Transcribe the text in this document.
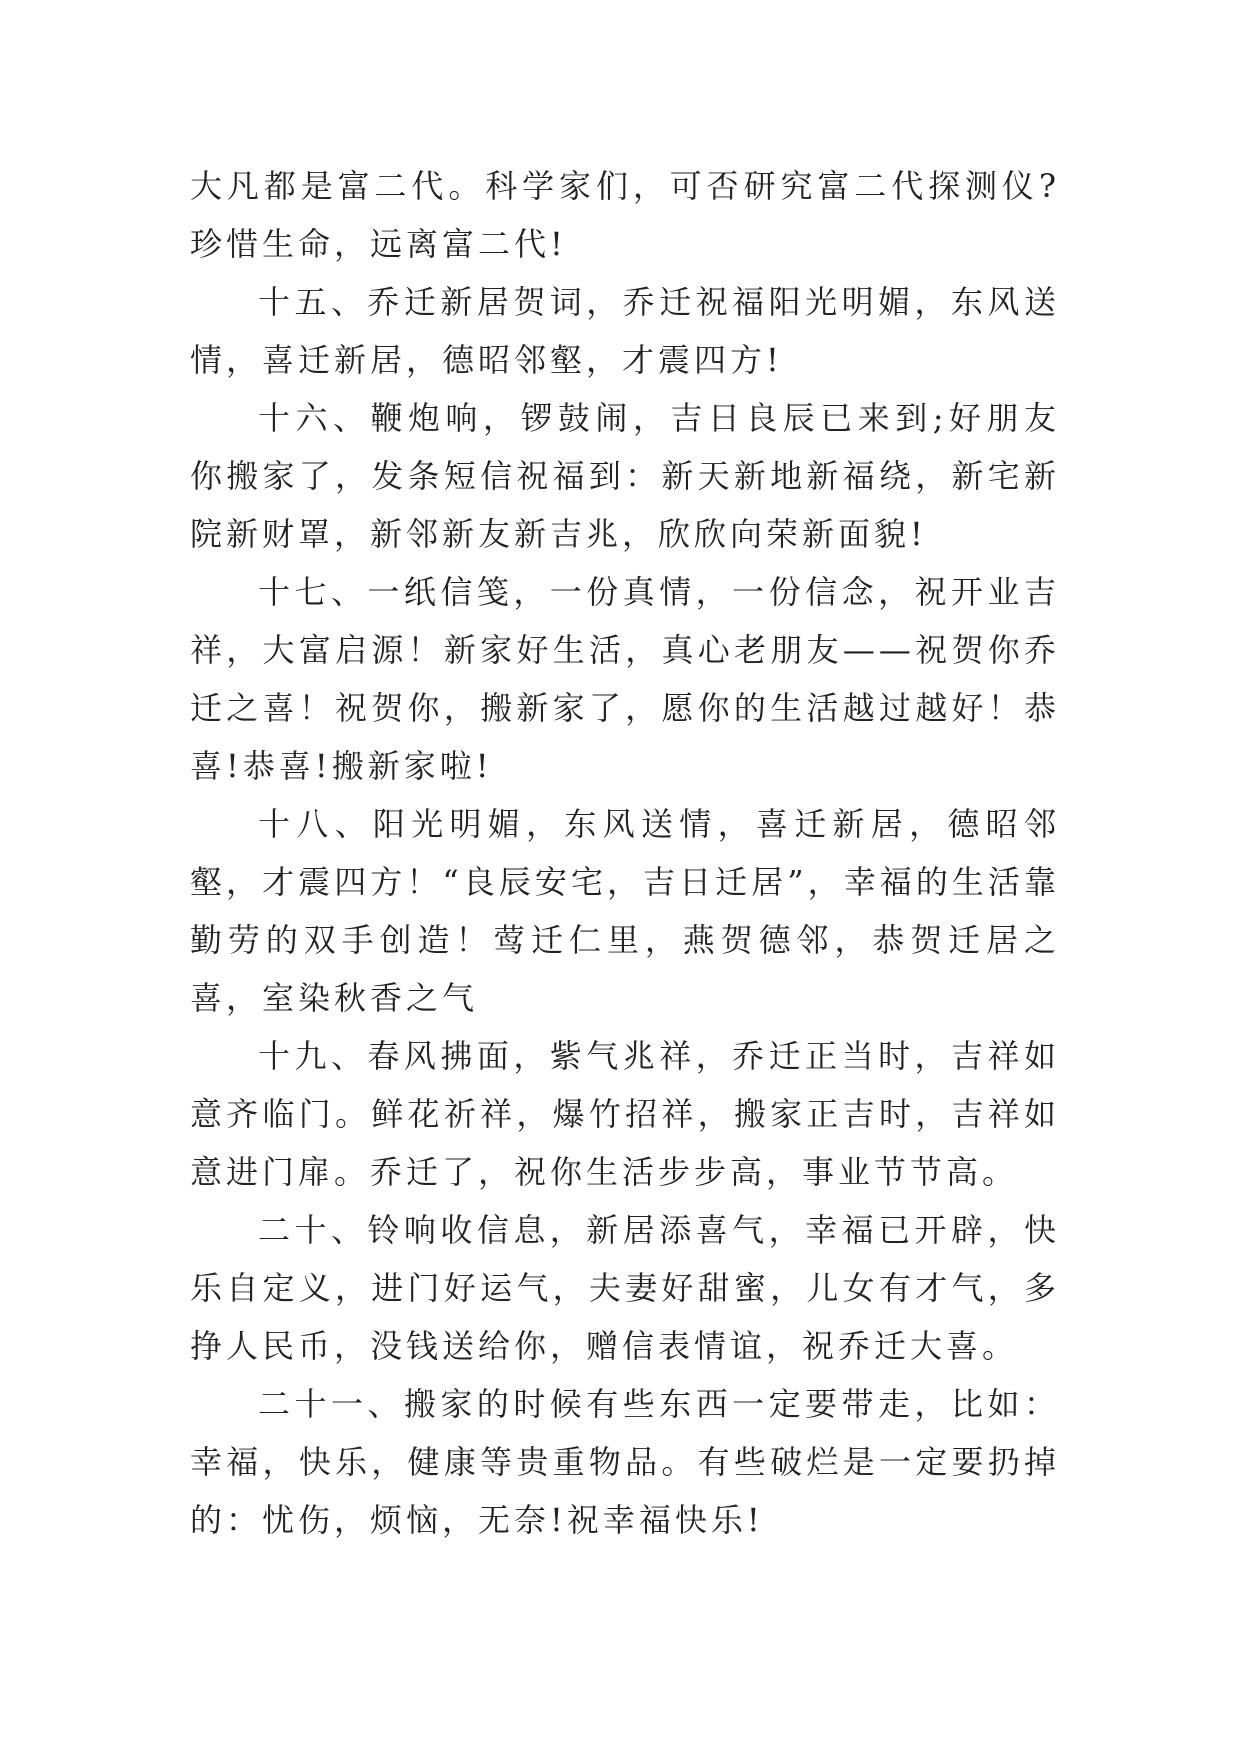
大凡都是富二代。科学家们，可否研究富二代探测仪?珍惜生命，远离富二代!

十五、乔迁新居贺词，乔迁祝福阳光明媚，东风送情，喜迁新居，德昭邻壑，才震四方!

十六、鞭炮响，锣鼓闹，吉日良辰已来到;好朋友你搬家了，发条短信祝福到：新天新地新福绕，新宅新院新财罩，新邻新友新吉兆，欣欣向荣新面貌!

十七、一纸信笺，一份真情，一份信念，祝开业吉祥，大富启源！新家好生活，真心老朋友——祝贺你乔迁之喜！祝贺你，搬新家了，愿你的生活越过越好！恭喜!恭喜!搬新家啦!

十八、阳光明媚，东风送情，喜迁新居，德昭邻壑，才震四方！“良辰安宅，吉日迁居”，幸福的生活靠勤劳的双手创造！莺迁仁里，燕贺德邻，恭贺迁居之喜，室染秋香之气

十九、春风拂面，紫气兆祥，乔迁正当时，吉祥如意齐临门。鲜花祈祥，爆竹招祥，搬家正吉时，吉祥如意进门扉。乔迁了，祝你生活步步高，事业节节高。

二十、铃响收信息，新居添喜气，幸福已开辟，快乐自定义，进门好运气，夫妻好甜蜜，儿女有才气，多挣人民币，没钱送给你，赠信表情谊，祝乔迁大喜。

二十一、搬家的时候有些东西一定要带走，比如：幸福，快乐，健康等贵重物品。有些破烂是一定要扔掉的：忧伤，烦恼，无奈!祝幸福快乐!
